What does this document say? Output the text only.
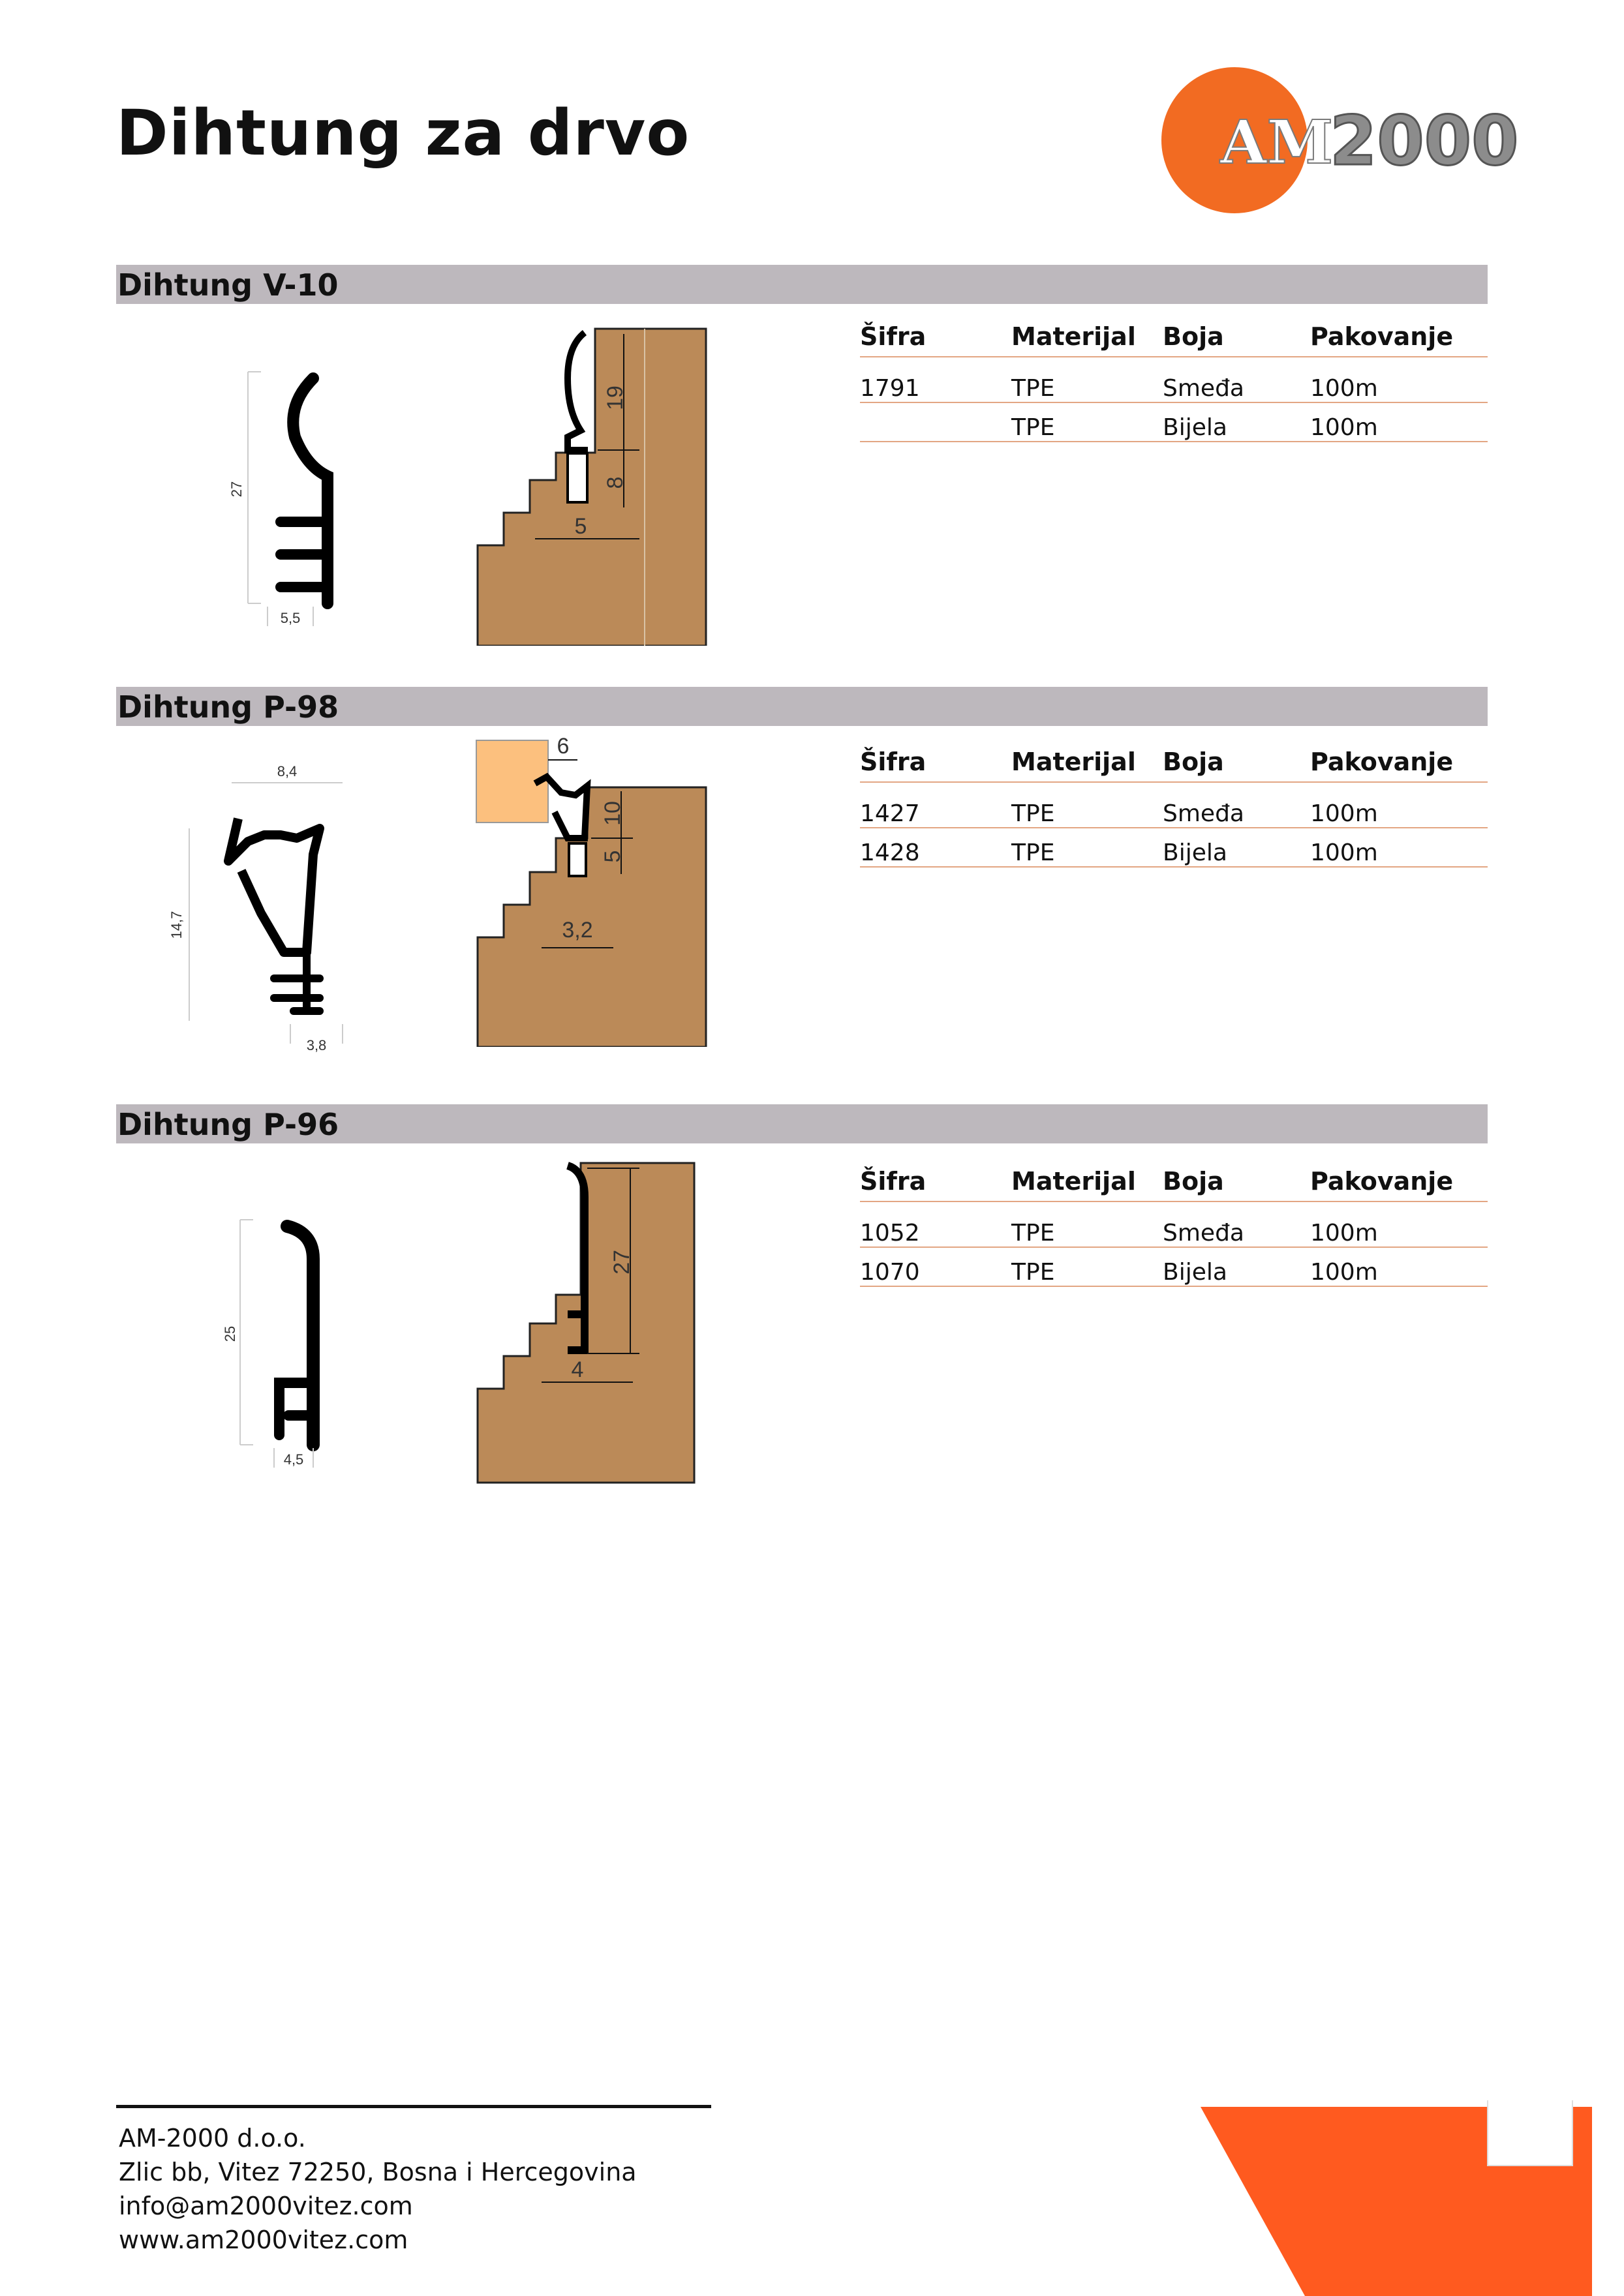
Dihtung za drvo	AM
2000
Dihtung V-10
Šifra	Materijal	Boja	Pakovanje
1791	TPE	Smeđa	100m
	TPE	Bijela	100m
27
5,5
19
8
5
Dihtung P-98
Šifra	Materijal	Boja	Pakovanje
1427	TPE	Smeđa	100m
1428	TPE	Bijela	100m
8,4
14,7
3,8
6
10
5
3,2
Dihtung P-96
Šifra	Materijal	Boja	Pakovanje
1052	TPE	Smeđa	100m
1070	TPE	Bijela	100m
25
4,5
27
4
AM-2000 d.o.o.
Zlic bb, Vitez 72250, Bosna i Hercegovina
info@am2000vitez.com
www.am2000vitez.com
